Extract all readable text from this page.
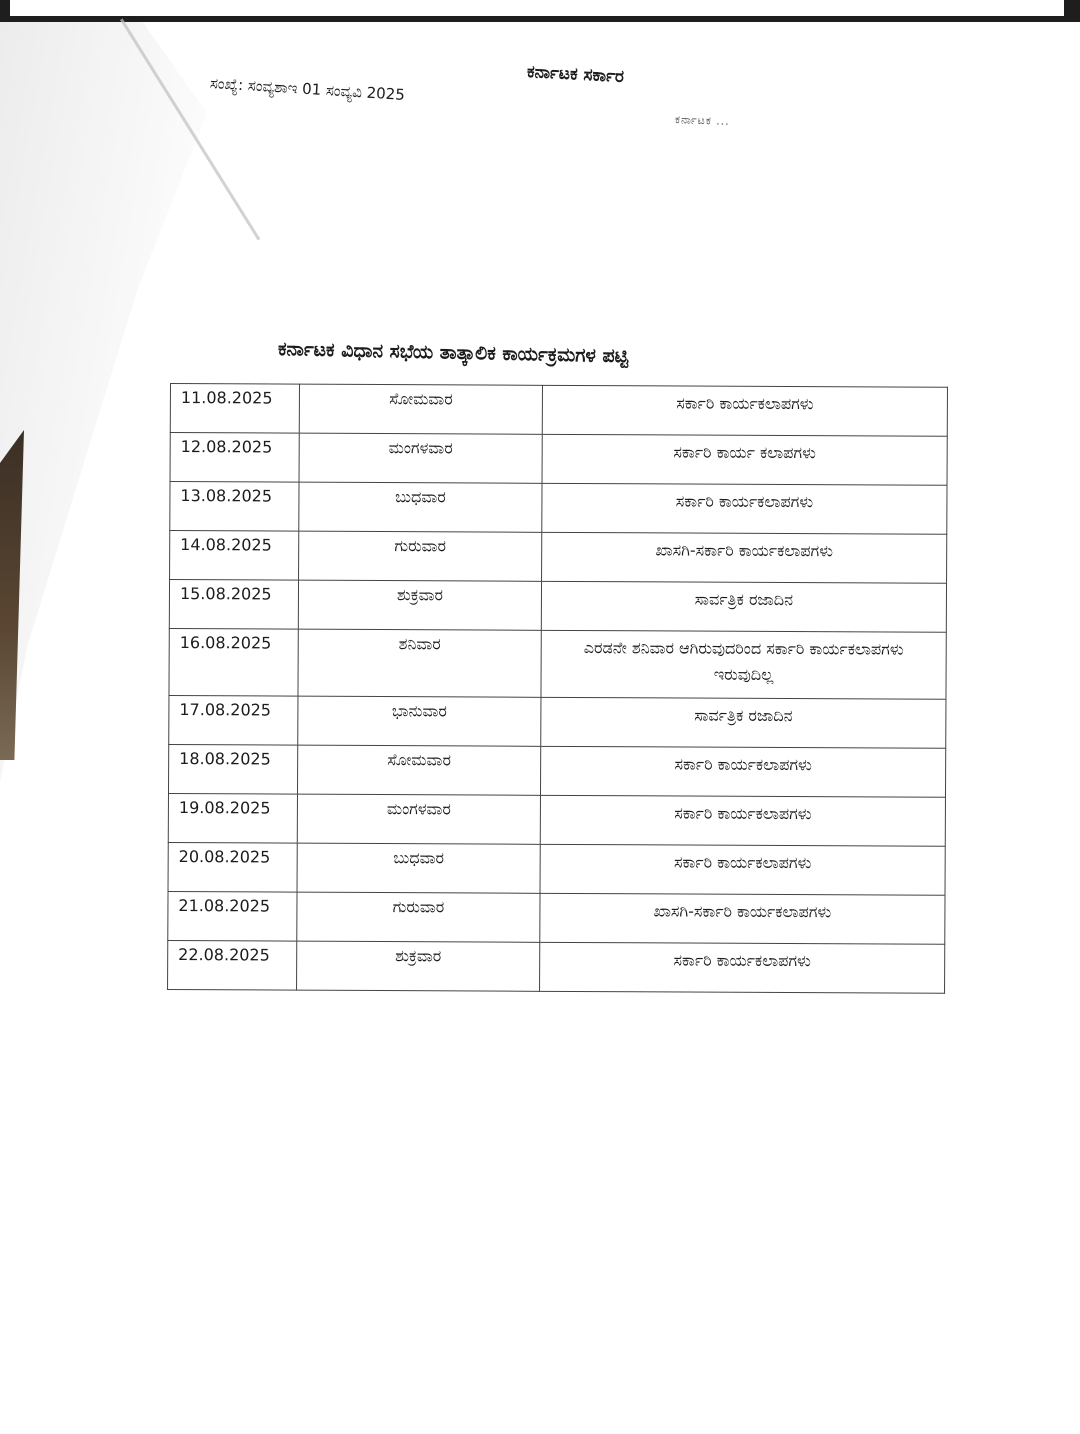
ಸಂಖ್ಯೆ: ಸಂವ್ಯಶಾಇ 01 ಸಂವ್ಯವಿ 2025	ಕರ್ನಾಟಕ ಸರ್ಕಾರ
ಕರ್ನಾಟಕ ...
ಕರ್ನಾಟಕ ವಿಧಾನ ಸಭೆಯ ತಾತ್ಕಾಲಿಕ ಕಾರ್ಯಕ್ರಮಗಳ ಪಟ್ಟಿ
11.08.2025	ಸೋಮವಾರ	ಸರ್ಕಾರಿ ಕಾರ್ಯಕಲಾಪಗಳು
12.08.2025	ಮಂಗಳವಾರ	ಸರ್ಕಾರಿ ಕಾರ್ಯ ಕಲಾಪಗಳು
13.08.2025	ಬುಧವಾರ	ಸರ್ಕಾರಿ ಕಾರ್ಯಕಲಾಪಗಳು
14.08.2025	ಗುರುವಾರ	ಖಾಸಗಿ-ಸರ್ಕಾರಿ ಕಾರ್ಯಕಲಾಪಗಳು
15.08.2025	ಶುಕ್ರವಾರ	ಸಾರ್ವತ್ರಿಕ ರಜಾದಿನ
16.08.2025	ಶನಿವಾರ	ಎರಡನೇ ಶನಿವಾರ ಆಗಿರುವುದರಿಂದ ಸರ್ಕಾರಿ ಕಾರ್ಯಕಲಾಪಗಳು ಇರುವುದಿಲ್ಲ
17.08.2025	ಭಾನುವಾರ	ಸಾರ್ವತ್ರಿಕ ರಜಾದಿನ
18.08.2025	ಸೋಮವಾರ	ಸರ್ಕಾರಿ ಕಾರ್ಯಕಲಾಪಗಳು
19.08.2025	ಮಂಗಳವಾರ	ಸರ್ಕಾರಿ ಕಾರ್ಯಕಲಾಪಗಳು
20.08.2025	ಬುಧವಾರ	ಸರ್ಕಾರಿ ಕಾರ್ಯಕಲಾಪಗಳು
21.08.2025	ಗುರುವಾರ	ಖಾಸಗಿ-ಸರ್ಕಾರಿ ಕಾರ್ಯಕಲಾಪಗಳು
22.08.2025	ಶುಕ್ರವಾರ	ಸರ್ಕಾರಿ ಕಾರ್ಯಕಲಾಪಗಳು
